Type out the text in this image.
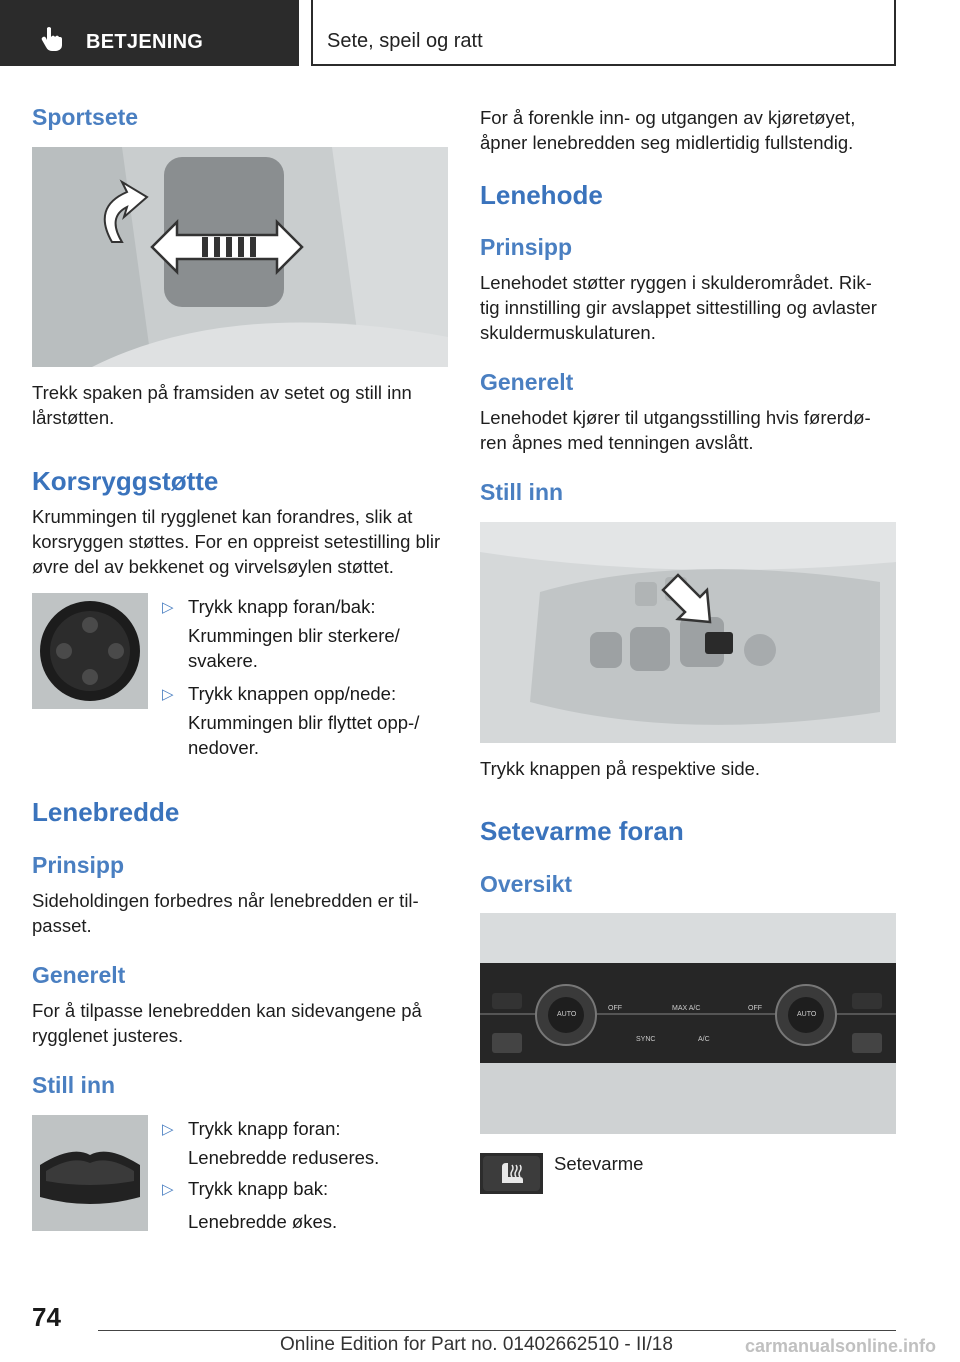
BETJENING	Sete, speil og ratt
Sportsete

Trekk spaken på framsiden av setet og still inn lårstøtten.

Korsryggstøtte

Krummingen til rygglenet kan forandres, slik at korsryggen støttes. For en oppreist setestilling blir øvre del av bekkenet og virvelsøylen støttet.

▷ Trykk knapp foran/bak:

Krummingen blir sterkere/ svakere.

▷ Trykk knappen opp/nede:

Krummingen blir flyttet opp-/ nedover.

Lenebredde
Prinsipp

Sideholdingen forbedres når lenebredden er til- passet.

Generelt

For å tilpasse lenebredden kan sidevangene på rygglenet justeres.

Still inn
▷ Trykk knapp foran:

Lenebredde reduseres.

▷ Trykk knapp bak:

Lenebredde økes.

For å forenkle inn- og utgangen av kjøretøyet, åpner lenebredden seg midlertidig fullstendig.

Lenehode
Prinsipp

Lenehodet støtter ryggen i skulderområdet. Rik- tig innstilling gir avslappet sittestilling og avlaster skuldermuskulaturen.

Generelt

Lenehodet kjører til utgangsstilling hvis førerdø- ren åpnes med tenningen avslått.

Still inn

Trykk knappen på respektive side.

Setevarme foran
Oversikt
AUTO
OFF	MAX A/C	OFF
AUTO
SYNC	A/C

Setevarme

74
Online Edition for Part no. 01402662510 - II/18	carmanualsonline.info
